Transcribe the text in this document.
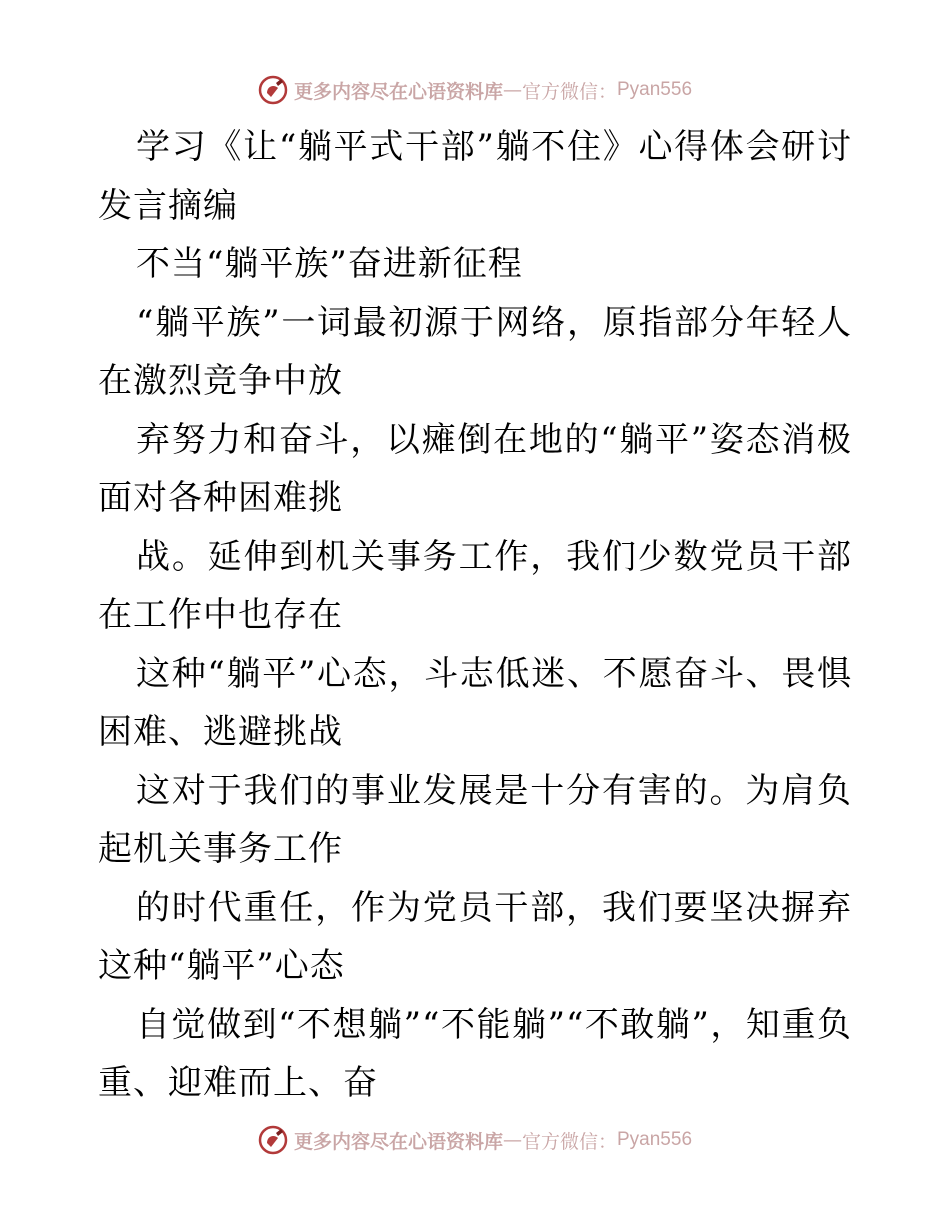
更多内容尽在心语资料库 — 官方微信： Pyan556

学习《让“躺平式干部”躺不住》心得体会研讨发言摘编

不当“躺平族”奋进新征程

“躺平族”一词最初源于网络，原指部分年轻人在激烈竞争中放

弃努力和奋斗，以瘫倒在地的“躺平”姿态消极面对各种困难挑

战。延伸到机关事务工作，我们少数党员干部在工作中也存在

这种“躺平”心态，斗志低迷、不愿奋斗、畏惧困难、逃避挑战

这对于我们的事业发展是十分有害的。为肩负起机关事务工作

的时代重任，作为党员干部，我们要坚决摒弃这种“躺平”心态

自觉做到“不想躺”“不能躺”“不敢躺”，知重负重、迎难而上、奋

更多内容尽在心语资料库 — 官方微信： Pyan556
